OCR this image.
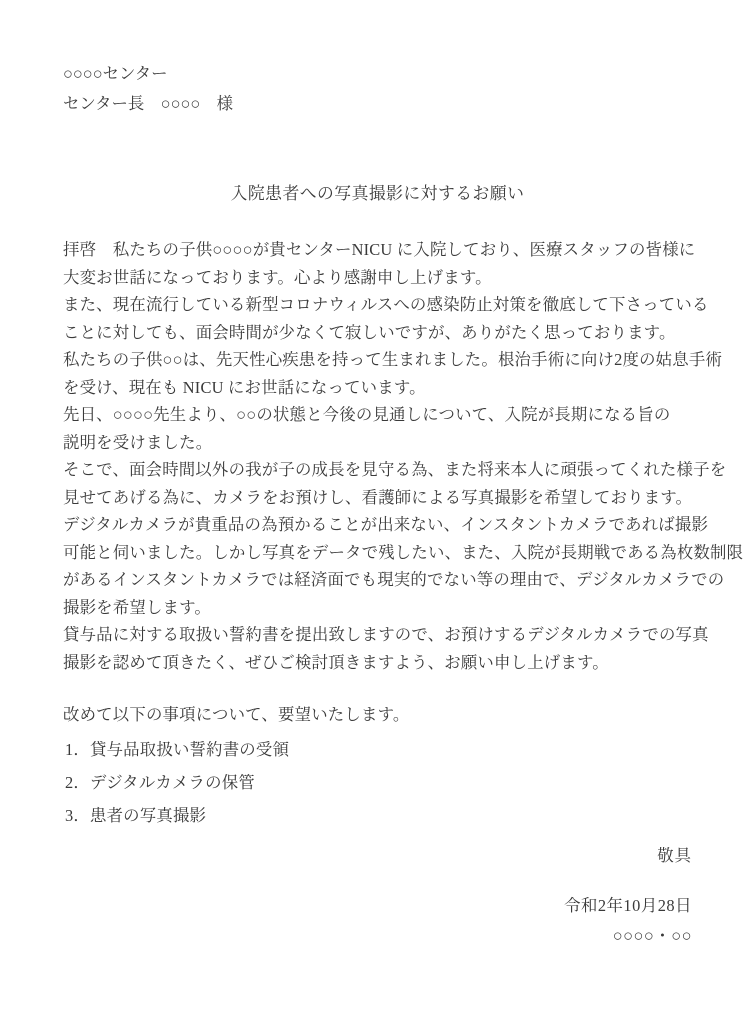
○○○○センター
センター長　○○○○　様
入院患者への写真撮影に対するお願い
拝啓　私たちの子供○○○○が貴センターNICU に入院しており、医療スタッフの皆様に
大変お世話になっております。心より感謝申し上げます。
また、現在流行している新型コロナウィルスへの感染防止対策を徹底して下さっている
ことに対しても、面会時間が少なくて寂しいですが、ありがたく思っております。
私たちの子供○○は、先天性心疾患を持って生まれました。根治手術に向け2度の姑息手術
を受け、現在も NICU にお世話になっています。
先日、○○○○先生より、○○の状態と今後の見通しについて、入院が長期になる旨の
説明を受けました。
そこで、面会時間以外の我が子の成長を見守る為、また将来本人に頑張ってくれた様子を
見せてあげる為に、カメラをお預けし、看護師による写真撮影を希望しております。
デジタルカメラが貴重品の為預かることが出来ない、インスタントカメラであれば撮影
可能と伺いました。しかし写真をデータで残したい、また、入院が長期戦である為枚数制限
があるインスタントカメラでは経済面でも現実的でない等の理由で、デジタルカメラでの
撮影を希望します。
貸与品に対する取扱い誓約書を提出致しますので、お預けするデジタルカメラでの写真
撮影を認めて頂きたく、ぜひご検討頂きますよう、お願い申し上げます。
改めて以下の事項について、要望いたします。
1．貸与品取扱い誓約書の受領
2．デジタルカメラの保管
3．患者の写真撮影
敬具
令和2年10月28日
○○○○・○○
